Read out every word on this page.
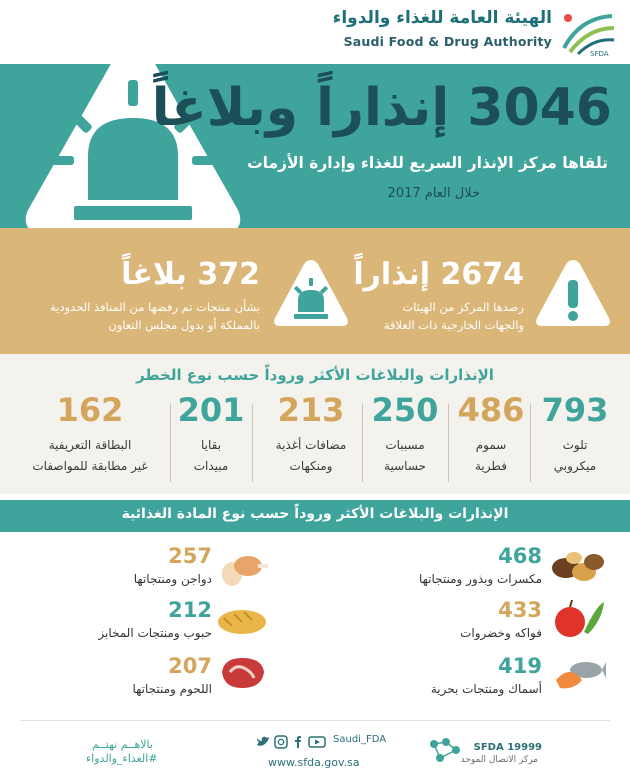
الهيئة العامة للغذاء والدواء
Saudi Food & Drug Authority
SFDA
3046 إنذاراً وبلاغاً
تلقاها مركز الإنذار السريع للغذاء وإدارة الأزمات
خلال العام 2017
2674 إنذاراً
رصدها المركز من الهيئات
والجهات الخارجية ذات العلاقة
372 بلاغاً
بشأن منتجات تم رفضها من المنافذ الحدودية
بالمملكة أو بدول مجلس التعاون
الإنذارات والبلاغات الأكثر وروداً حسب نوع الخطر
793
تلوث
ميكروبي
486
سموم
فطرية
250
مسببات
حساسية
213
مضافات أغذية
ومنكهات
201
بقايا
مبيدات
162
البطاقة التعريفية
غير مطابقة للمواصفات
الإنذارات والبلاغات الأكثر وروداً حسب نوع المادة الغذائية
468
مكسرات وبذور ومنتجاتها
433
فواكه وخضروات
419
أسماك ومنتجات بحرية
257
دواجن ومنتجاتها
212
حبوب ومنتجات المخابز
207
اللحوم ومنتجاتها
SFDA 19999
مركز الاتصال الموحد
Saudi_FDA
www.sfda.gov.sa
بالاهــم نهتــم
#الغذاء_والدواء
